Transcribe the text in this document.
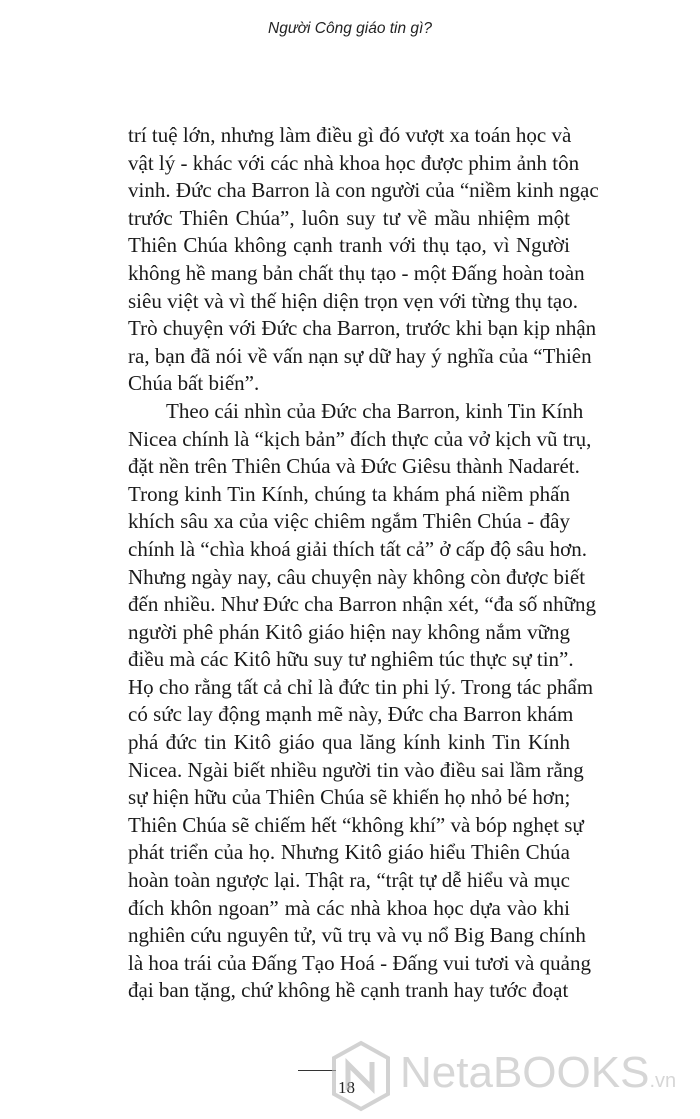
Người Công giáo tin gì?
trí tuệ lớn, nhưng làm điều gì đó vượt xa toán học và
vật lý - khác với các nhà khoa học được phim ảnh tôn
vinh. Đức cha Barron là con người của “niềm kinh ngạc
trước Thiên Chúa”, luôn suy tư về mầu nhiệm một
Thiên Chúa không cạnh tranh với thụ tạo, vì Người
không hề mang bản chất thụ tạo - một Đấng hoàn toàn
siêu việt và vì thế hiện diện trọn vẹn với từng thụ tạo.
Trò chuyện với Đức cha Barron, trước khi bạn kịp nhận
ra, bạn đã nói về vấn nạn sự dữ hay ý nghĩa của “Thiên
Chúa bất biến”.
Theo cái nhìn của Đức cha Barron, kinh Tin Kính
Nicea chính là “kịch bản” đích thực của vở kịch vũ trụ,
đặt nền trên Thiên Chúa và Đức Giêsu thành Nadarét.
Trong kinh Tin Kính, chúng ta khám phá niềm phấn
khích sâu xa của việc chiêm ngắm Thiên Chúa - đây
chính là “chìa khoá giải thích tất cả” ở cấp độ sâu hơn.
Nhưng ngày nay, câu chuyện này không còn được biết
đến nhiều. Như Đức cha Barron nhận xét, “đa số những
người phê phán Kitô giáo hiện nay không nắm vững
điều mà các Kitô hữu suy tư nghiêm túc thực sự tin”.
Họ cho rằng tất cả chỉ là đức tin phi lý. Trong tác phẩm
có sức lay động mạnh mẽ này, Đức cha Barron khám
phá đức tin Kitô giáo qua lăng kính kinh Tin Kính
Nicea. Ngài biết nhiều người tin vào điều sai lầm rằng
sự hiện hữu của Thiên Chúa sẽ khiến họ nhỏ bé hơn;
Thiên Chúa sẽ chiếm hết “không khí” và bóp nghẹt sự
phát triển của họ. Nhưng Kitô giáo hiểu Thiên Chúa
hoàn toàn ngược lại. Thật ra, “trật tự dễ hiểu và mục
đích khôn ngoan” mà các nhà khoa học dựa vào khi
nghiên cứu nguyên tử, vũ trụ và vụ nổ Big Bang chính
là hoa trái của Đấng Tạo Hoá - Đấng vui tươi và quảng
đại ban tặng, chứ không hề cạnh tranh hay tước đoạt
18 NetaBOOKS.vn
